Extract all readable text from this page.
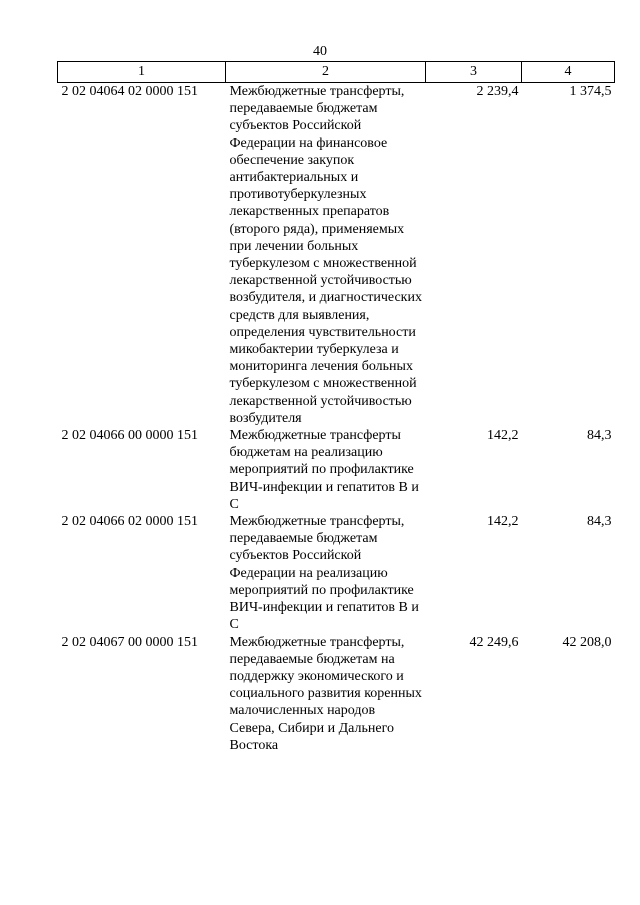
40
1	2	3	4
2 02 04064 02 0000 151	Межбюджетные трансферты, передаваемые бюджетам субъектов Российской Федерации на финансовое обеспечение закупок антибактериальных и противотуберкулезных лекарственных препаратов (второго ряда), применяемых при лечении больных туберкулезом с множественной лекарственной устойчивостью возбудителя, и диагностических средств для выявления, определения чувствительности микобактерии туберкулеза и мониторинга лечения больных туберкулезом с множественной лекарственной устойчивостью возбудителя	2 239,4	1 374,5
2 02 04066 00 0000 151	Межбюджетные трансферты бюджетам на реализацию мероприятий по профилактике ВИЧ-инфекции и гепатитов В и С	142,2	84,3
2 02 04066 02 0000 151	Межбюджетные трансферты, передаваемые бюджетам субъектов Российской Федерации на реализацию мероприятий по профилактике ВИЧ-инфекции и гепатитов В и С	142,2	84,3
2 02 04067 00 0000 151	Межбюджетные трансферты, передаваемые бюджетам на поддержку экономического и социального развития коренных малочисленных народов Севера, Сибири и Дальнего Востока	42 249,6	42 208,0
